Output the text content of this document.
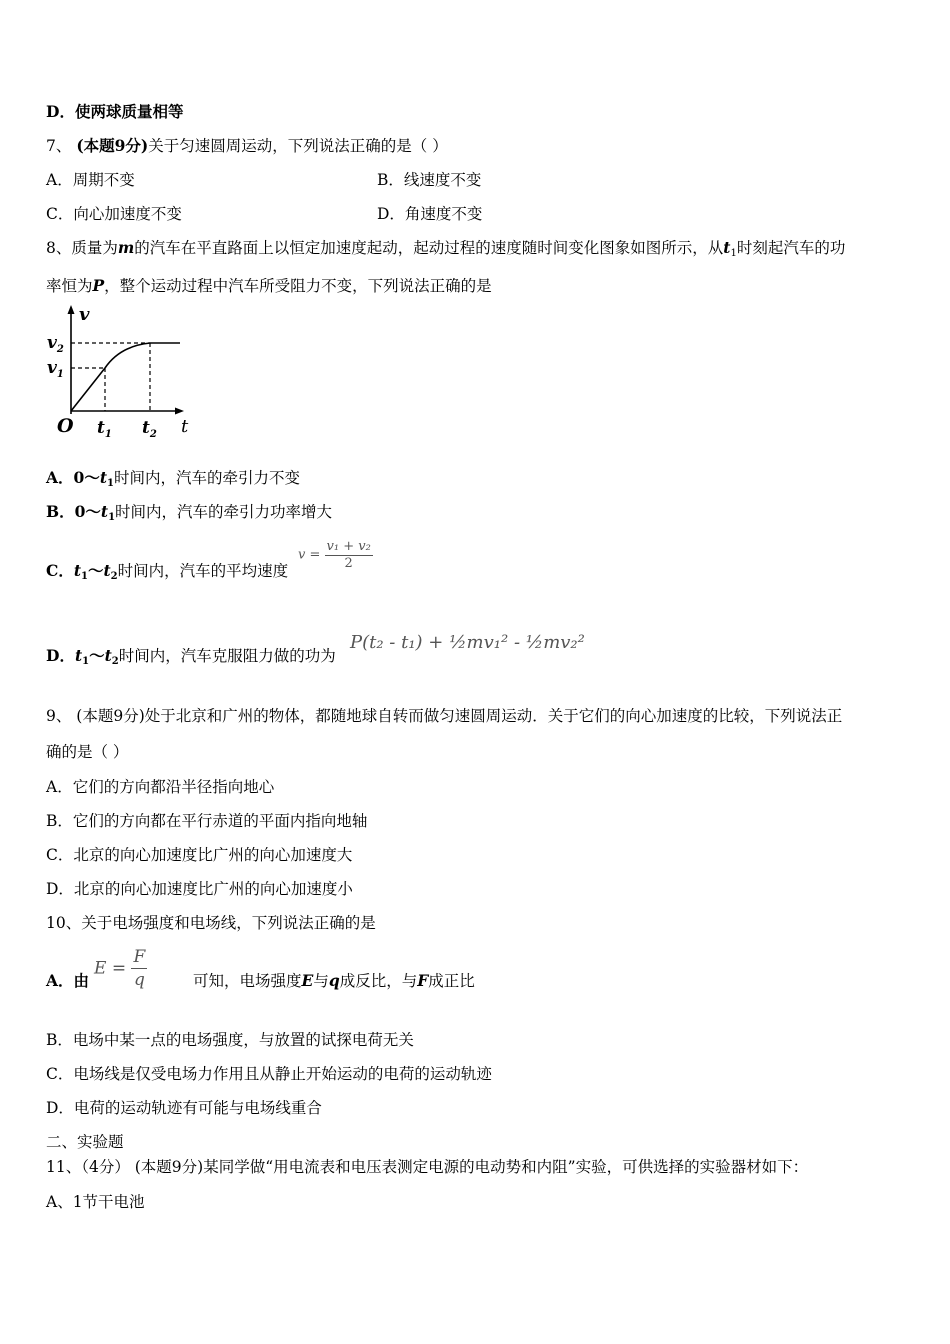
D．使两球质量相等
7、 (本题9分)关于匀速圆周运动，下列说法正确的是（ ）
A．周期不变	B．线速度不变
C．向心加速度不变	D．角速度不变
8、质量为m的汽车在平直路面上以恒定加速度起动，起动过程的速度随时间变化图象如图所示，从$t_1$时刻起汽车的功
率恒为P，整个运动过程中汽车所受阻力不变，下列说法正确的是
v
t
O
$v_2$
$v_1$
$t_1$ $t_2$
A．$0\sim t_1$时间内，汽车的牵引力不变
B．$0\sim t_1$时间内，汽车的牵引力功率增大
C．$t_1\sim t_2$时间内，汽车的平均速度
$v = \frac{\text{v₁ + v₂}}{2}$
D．$t_1\sim t_2$时间内，汽车克服阻力做的功为
P(t₂ - t₁) + ½mv₁² - ½mv₂²
9、 (本题9分)处于北京和广州的物体，都随地球自转而做匀速圆周运动．关于它们的向心加速度的比较，下列说法正
确的是（ ）
A．它们的方向都沿半径指向地心
B．它们的方向都在平行赤道的平面内指向地轴
C．北京的向心加速度比广州的向心加速度大
D．北京的向心加速度比广州的向心加速度小
10、关于电场强度和电场线，下列说法正确的是
A．由	可知，电场强度E与q成反比，与F成正比
$E = \frac{F}{q}$
B．电场中某一点的电场强度，与放置的试探电荷无关
C．电场线是仅受电场力作用且从静止开始运动的电荷的运动轨迹
D．电荷的运动轨迹有可能与电场线重合
二、实验题
11、（4分） (本题9分)某同学做“用电流表和电压表测定电源的电动势和内阻”实验，可供选择的实验器材如下：
A、1节干电池
